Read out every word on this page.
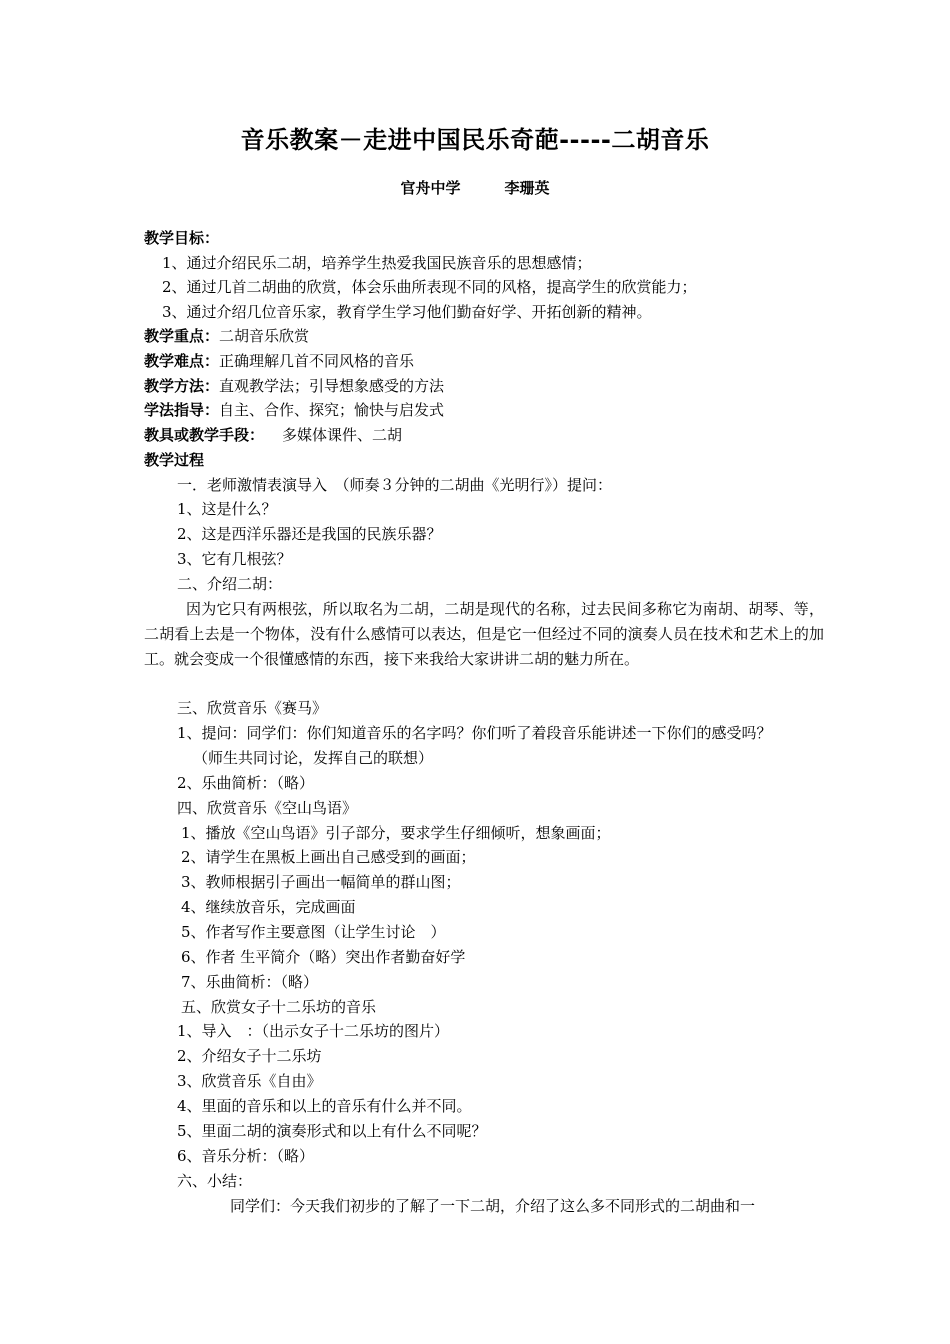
音乐教案－走进中国民乐奇葩-----二胡音乐
官舟中学	李珊英
教学目标：
1、通过介绍民乐二胡，培养学生热爱我国民族音乐的思想感情；
2、通过几首二胡曲的欣赏，体会乐曲所表现不同的风格，提高学生的欣赏能力；
3、通过介绍几位音乐家，教育学生学习他们勤奋好学、开拓创新的精神。
教学重点：二胡音乐欣赏
教学难点：正确理解几首不同风格的音乐
教学方法：直观教学法；引导想象感受的方法
学法指导：自主、合作、探究；愉快与启发式
教具或教学手段： 多媒体课件、二胡
教学过程
一．老师激情表演导入　（师奏３分钟的二胡曲《光明行》）提问：
1、这是什么？
2、这是西洋乐器还是我国的民族乐器？
3、它有几根弦？
二、介绍二胡：
因为它只有两根弦，所以取名为二胡，二胡是现代的名称，过去民间多称它为南胡、胡琴、等，二胡看上去是一个物体，没有什么感情可以表达，但是它一但经过不同的演奏人员在技术和艺术上的加工。就会变成一个很懂感情的东西，接下来我给大家讲讲二胡的魅力所在。
三、欣赏音乐《赛马》
1、提问：同学们：你们知道音乐的名字吗？你们听了着段音乐能讲述一下你们的感受吗？
（师生共同讨论，发挥自己的联想）
2、乐曲简析：（略）
四、欣赏音乐《空山鸟语》
1、播放《空山鸟语》引子部分，要求学生仔细倾听，想象画面；
2、请学生在黑板上画出自己感受到的画面；
3、教师根据引子画出一幅简单的群山图；
4、继续放音乐，完成画面
5、作者写作主要意图（让学生讨论　）
6、作者 生平简介（略）突出作者勤奋好学
7、乐曲简析：（略）
五、欣赏女子十二乐坊的音乐
1、导入　：（出示女子十二乐坊的图片）
2、介绍女子十二乐坊
3、欣赏音乐《自由》
4、里面的音乐和以上的音乐有什么并不同。
5、里面二胡的演奏形式和以上有什么不同呢？
6、音乐分析：（略）
六、小结：
同学们：今天我们初步的了解了一下二胡，介绍了这么多不同形式的二胡曲和一
